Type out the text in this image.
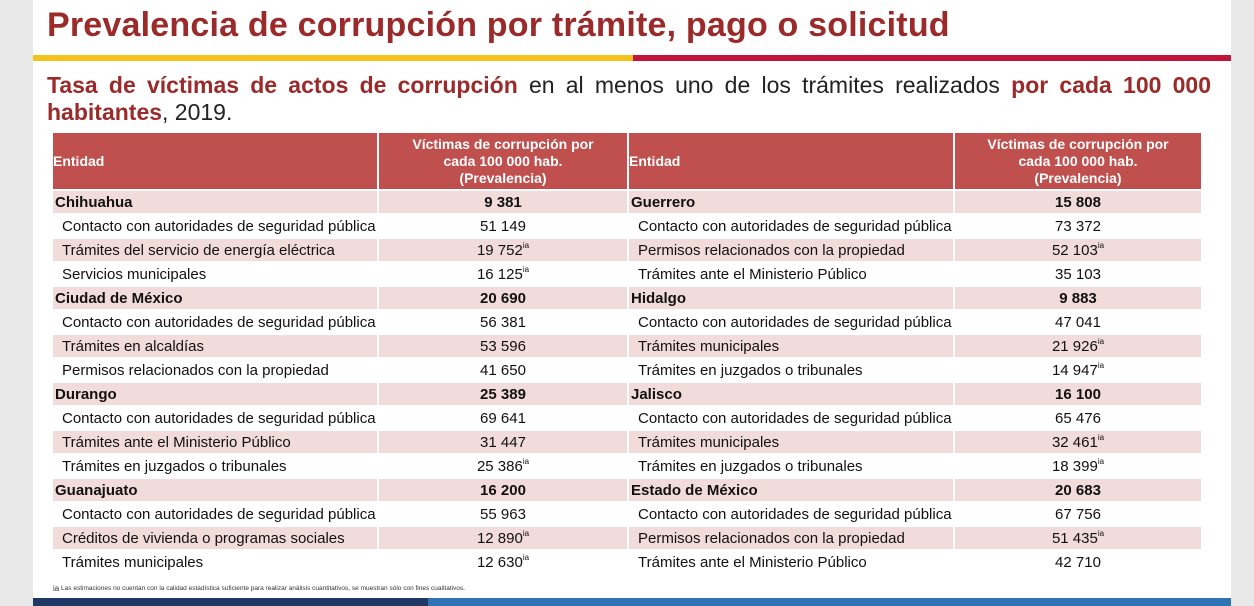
Prevalencia de corrupción por trámite, pago o solicitud

Tasa de víctimas de actos de corrupción en al menos uno de los trámites realizados por cada 100 000 habitantes, 2019.

Entidad	Víctimas de corrupción por
cada 100 000 hab.
(Prevalencia)	Entidad	Víctimas de corrupción por
cada 100 000 hab.
(Prevalencia)
Chihuahua	9 381	Guerrero	15 808
Contacto con autoridades de seguridad pública	51 149	Contacto con autoridades de seguridad pública	73 372
Trámites del servicio de energía eléctrica	19 $752^{ia}$	Permisos relacionados con la propiedad	52 $103^{ia}$
Servicios municipales	16 $125^{ia}$	Trámites ante el Ministerio Público	35 103
Ciudad de México	20 690	Hidalgo	9 883
Contacto con autoridades de seguridad pública	56 381	Contacto con autoridades de seguridad pública	47 041
Trámites en alcaldías	53 596	Trámites municipales	21 $926^{ia}$
Permisos relacionados con la propiedad	41 650	Trámites en juzgados o tribunales	14 $947^{ia}$
Durango	25 389	Jalisco	16 100
Contacto con autoridades de seguridad pública	69 641	Contacto con autoridades de seguridad pública	65 476
Trámites ante el Ministerio Público	31 447	Trámites municipales	32 $461^{ia}$
Trámites en juzgados o tribunales	25 $386^{ia}$	Trámites en juzgados o tribunales	18 $399^{ia}$
Guanajuato	16 200	Estado de México	20 683
Contacto con autoridades de seguridad pública	55 963	Contacto con autoridades de seguridad pública	67 756
Créditos de vivienda o programas sociales	12 $890^{ia}$	Permisos relacionados con la propiedad	51 $435^{ia}$
Trámites municipales	12 $630^{ia}$	Trámites ante el Ministerio Público	42 710
$^{ia}$ Las estimaciones no cuentan con la calidad estadística suficiente para realizar análisis cuantitativos, se muestran sólo con fines cualitativos.
